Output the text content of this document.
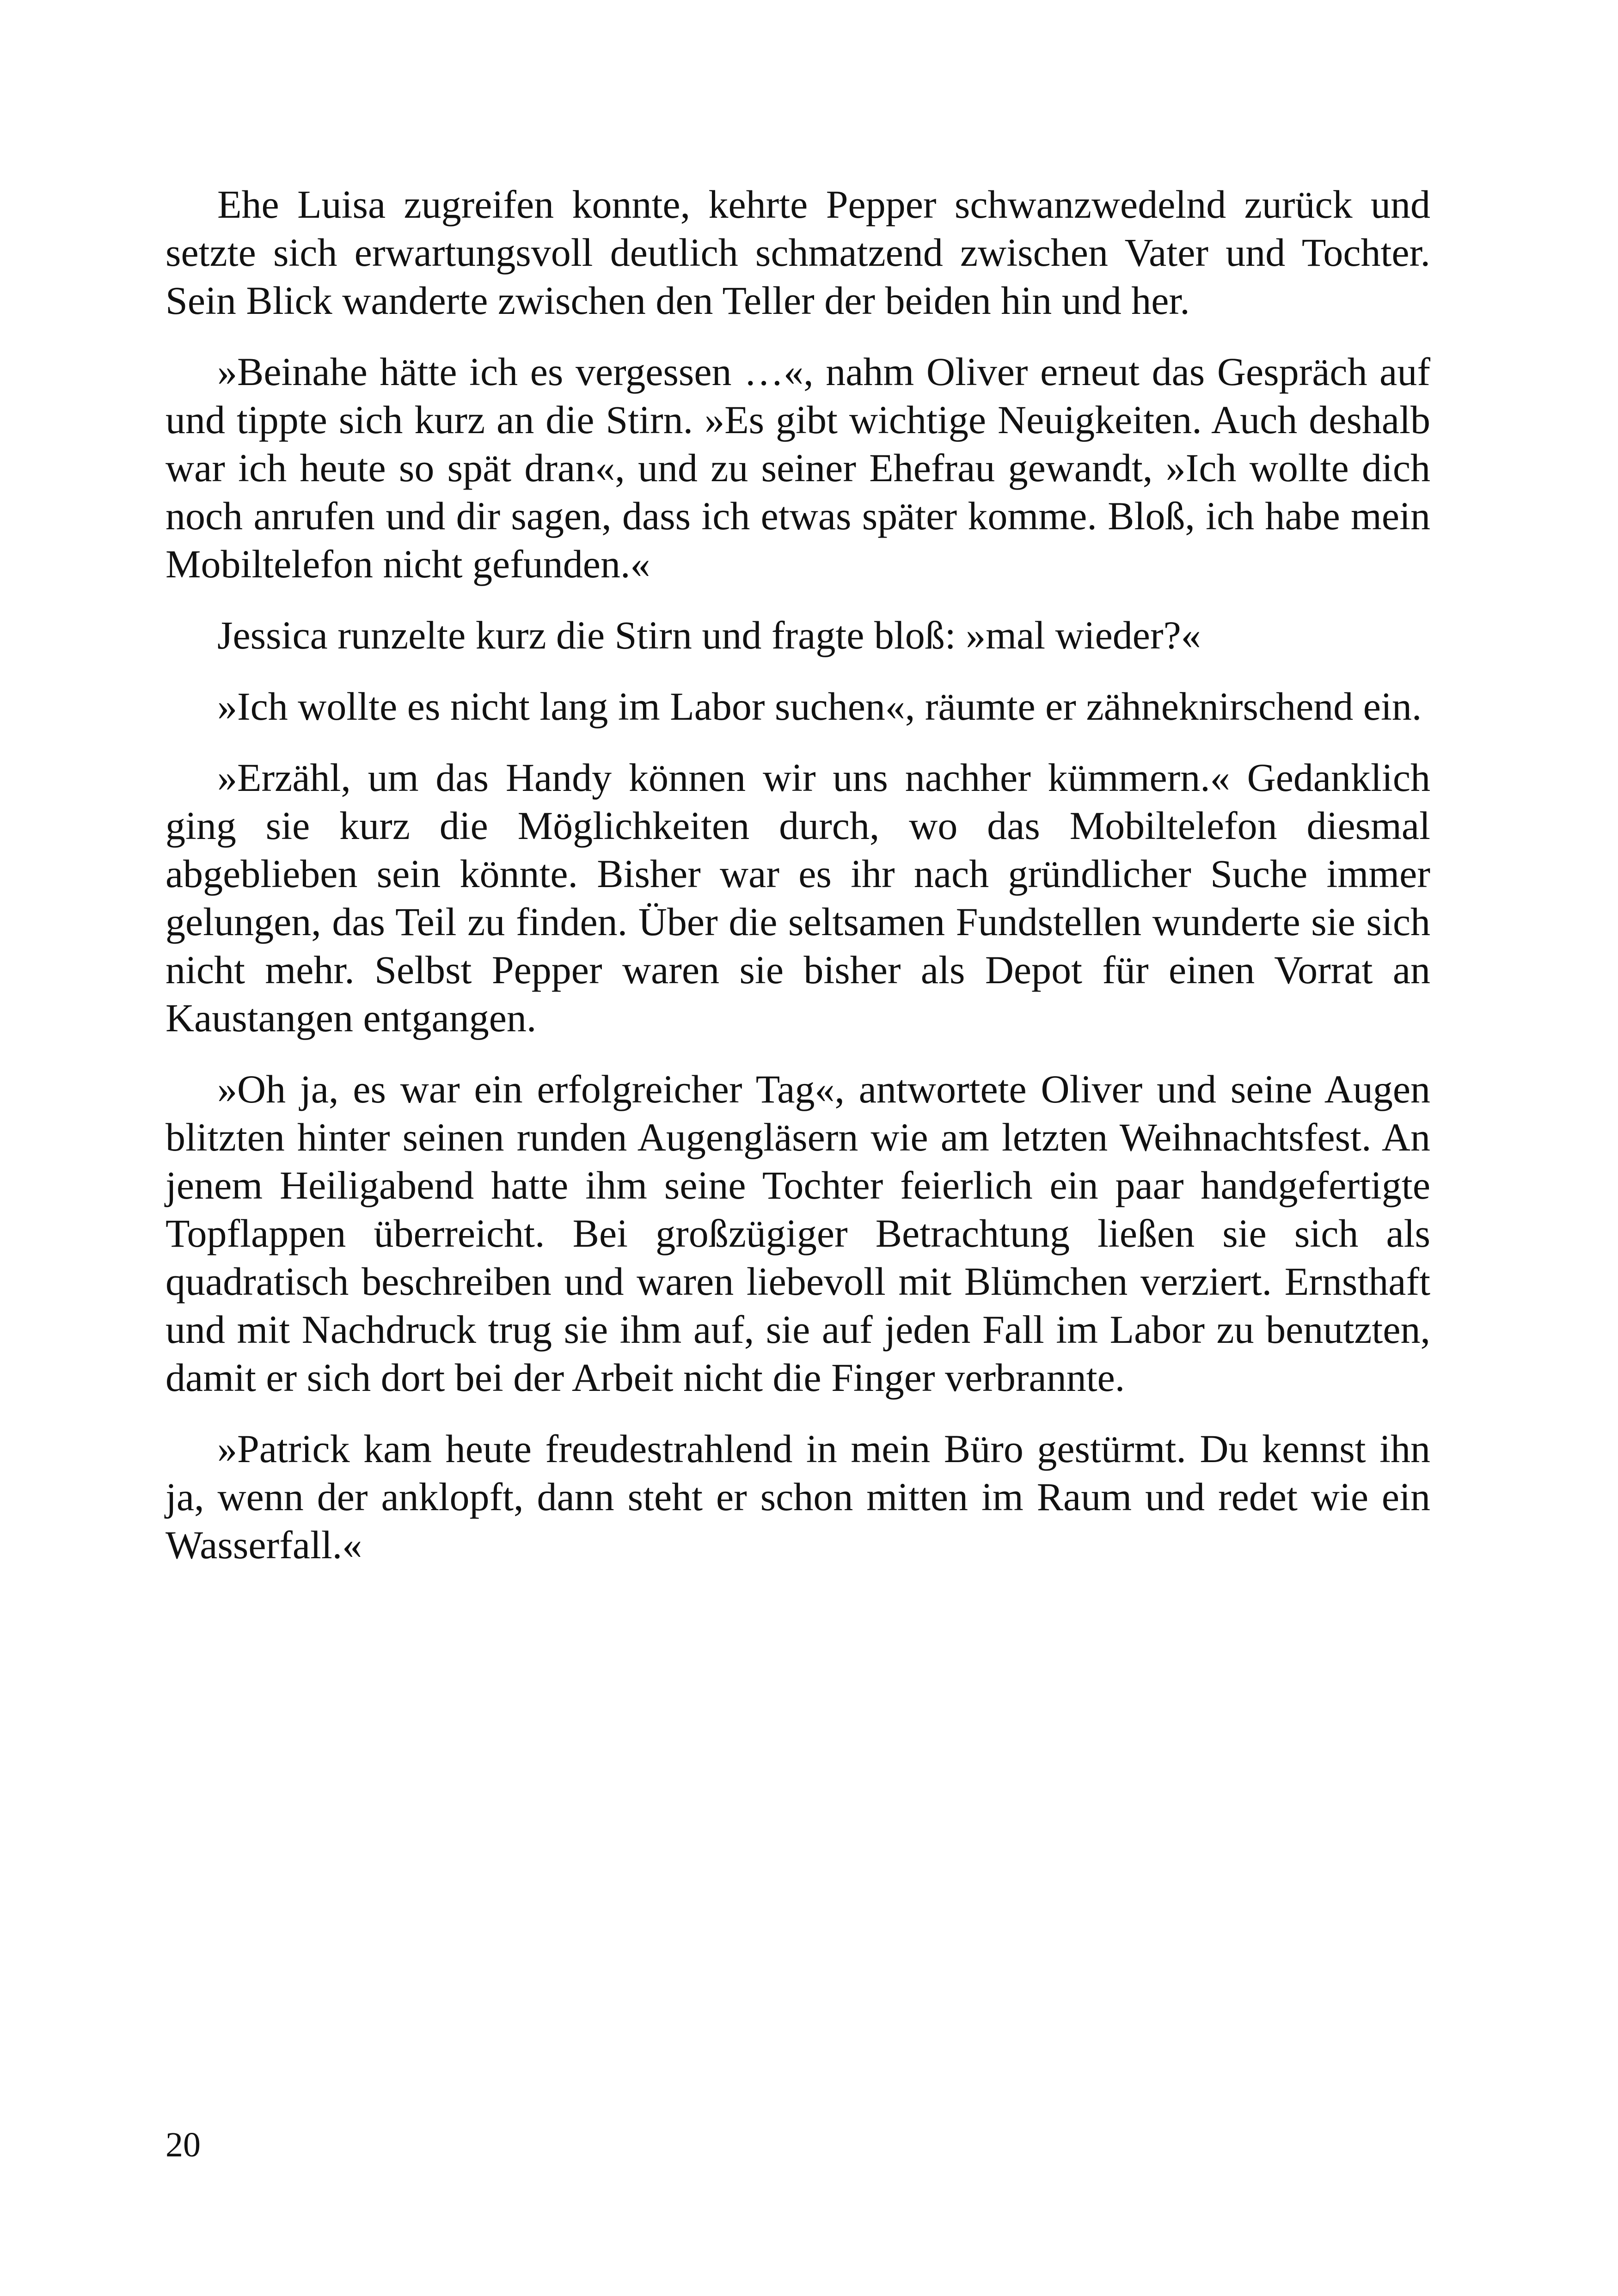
Ehe Luisa zugreifen konnte, kehrte Pepper schwanzwedelnd zurück und setzte sich erwartungsvoll deutlich schmatzend zwischen Vater und Tochter. Sein Blick wanderte zwischen den Teller der beiden hin und her.

»Beinahe hätte ich es vergessen …«, nahm Oliver erneut das Gespräch auf und tippte sich kurz an die Stirn. »Es gibt wichtige Neuigkeiten. Auch deshalb war ich heute so spät dran«, und zu seiner Ehefrau gewandt, »Ich wollte dich noch anrufen und dir sagen, dass ich etwas später komme. Bloß, ich habe mein Mobiltelefon nicht gefunden.«

Jessica runzelte kurz die Stirn und fragte bloß: »mal wieder?«

»Ich wollte es nicht lang im Labor suchen«, räumte er zähneknirschend ein.

»Erzähl, um das Handy können wir uns nachher kümmern.« Gedanklich ging sie kurz die Möglichkeiten durch, wo das Mobiltelefon diesmal abgeblieben sein könnte. Bisher war es ihr nach gründlicher Suche immer gelungen, das Teil zu finden. Über die seltsamen Fundstellen wunderte sie sich nicht mehr. Selbst Pepper waren sie bisher als Depot für einen Vorrat an Kaustangen entgangen.

»Oh ja, es war ein erfolgreicher Tag«, antwortete Oliver und seine Augen blitzten hinter seinen runden Augengläsern wie am letzten Weihnachtsfest. An jenem Heiligabend hatte ihm seine Tochter feierlich ein paar handgefertigte Topflappen überreicht. Bei großzügiger Betrachtung ließen sie sich als quadratisch beschreiben und waren liebevoll mit Blümchen verziert. Ernsthaft und mit Nachdruck trug sie ihm auf, sie auf jeden Fall im Labor zu benutzten, damit er sich dort bei der Arbeit nicht die Finger verbrannte.

»Patrick kam heute freudestrahlend in mein Büro gestürmt. Du kennst ihn ja, wenn der anklopft, dann steht er schon mitten im Raum und redet wie ein Wasserfall.«

20
